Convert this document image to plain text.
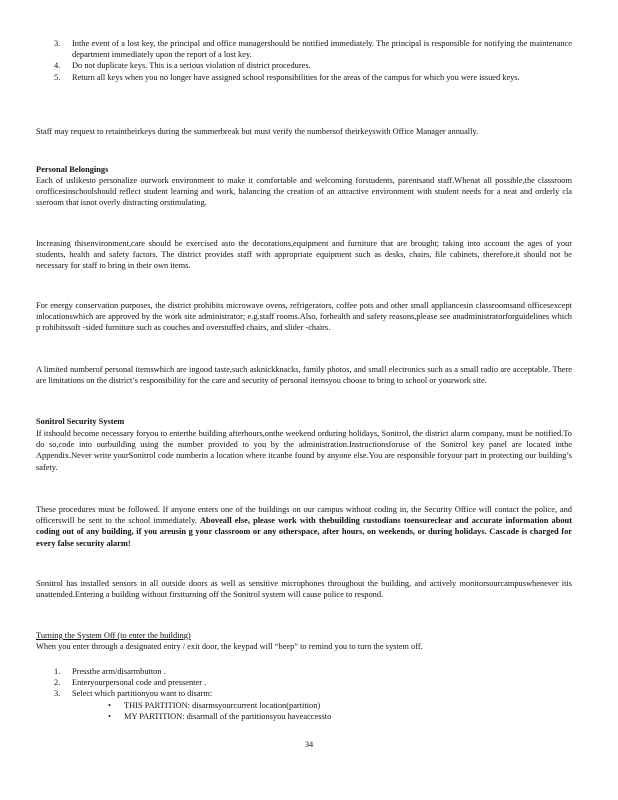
3. Inthe event of a lost key, the principal and office managershould be notified immediately. The principal is responsible for notifying the maintenance department immediately upon the report of a lost key.
4. Do not duplicate keys. This is a serious violation of district procedures.
5. Return all keys when you no longer have assigned school responsibilities for the areas of the campus for which you were issued keys.
Staff may request to retaintheirkeys during the summerbreak but must verify the numbersof theirkeyswith Office Manager annually.
Personal Belongings
Each of uslikesto personalize ourwork environment to make it comfortable and welcoming forstudents, parentsand staff.Whenat all possible,the classroom orofficesinschoolshould reflect student learning and work, balancing the creation of an attractive environment with student needs for a neat and orderly cla sseroom that isnot overly distracting orstimulating.
Increasing thisenvironment,care should be exercised asto the decorations,equipment and furniture that are brought; taking into account the ages of your students, health and safety factors. The district provides staff with appropriate equipment such as desks, chairs, file cabinets, therefore,it should not be necessary for staff to bring in their own items.
For energy conservation purposes, the district prohibits microwave ovens, refrigerators, coffee pots and other small appliancesin classroomsand officesexcept inlocationswhich are approved by the work site administrator; e.g.staff rooms.Also, forhealth and safety reasons,please see anadministratorforguidelines which p rohibitssoft -sided furniture such as couches and overstuffed chairs, and slider -chairs.
A limited numberof personal itemswhich are ingood taste,such asknickknacks, family photos, and small electronics such as a small radio are acceptable. There are limitations on the district’s responsibility for the care and security of personal itemsyou choose to bring to school or yourwork site.
Sonitrol Security System
If itshould become necessary foryou to enterthe building afterhours,onthe weekend orduring holidays, Sonitrol, the district alarm company, must be notified.To do so,code into ourbuilding using the number provided to you by the administration.Instructionsforuse of the Sonitrol key panel are located inthe Appendix.Never write yourSonitrol code numberin a location where itcanbe found by anyone else.You are responsible foryour part in protecting our building’s safety.
These procedures must be followed. If anyone enters one of the buildings on our campus without coding in, the Security Office will contact the police, and officerswill be sent to the school immediately. Aboveall else, please work with thebuilding custodians toensureclear and accurate information about coding out of any building, if you areusin g your classroom or any otherspace, after hours, on weekends, or during holidays. Cascade is charged for every false security alarm!
Sonitrol has installed sensors in all outside doors as well as sensitive microphones throughout the building, and actively monitorsourcampuswhenever itis unattended.Entering a building without firstturning off the Sonitrol system will cause police to respond.
Turning the System Off (to enter the building)
When you enter through a designated entry / exit door, the keypad will “beep” to remind you to turn the system off.
1. Pressthe arm/disarmbutton .
2. Enteryourpersonal code and pressenter .
3. Select which partitionyou want to disarm:
• THIS PARTITION: disarmsyourcurrent location(partition)
• MY PARTITION: disarmall of the partitionsyou haveaccessto
34
